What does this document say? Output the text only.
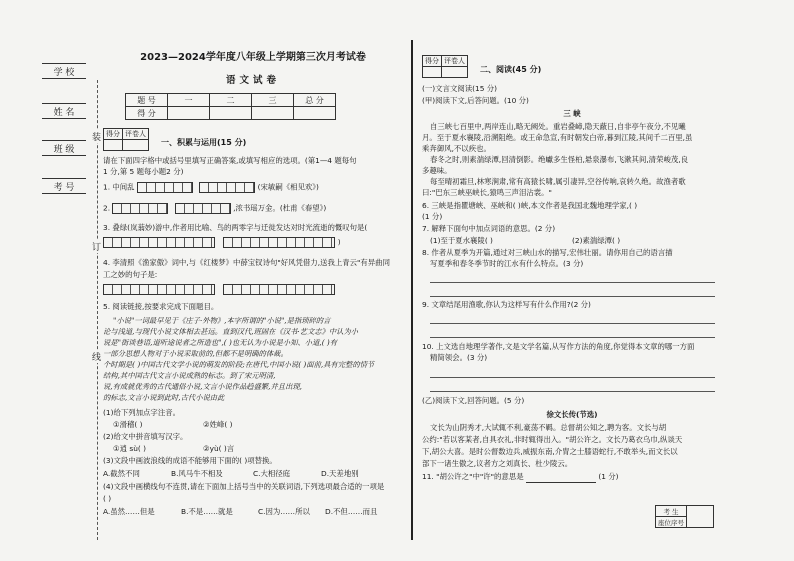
学 校
姓 名
班 级
考 号
装
订
线
2023—2024学年度八年级上学期第三次月考试卷
语文试卷
题 号	一	二	三	总 分
得 分				
得分	评卷人

一、积累与运用(15 分)
请在下面四字格中或括号里填写正确答案,或填写相应的选项。(第1—4 题每句
1 分,第 5 题每小题2 分)
1. 中间乱	(宋敏嗣《相见欢》)
2.	,浓书瑶万金。(杜甫《春望》)
3. 叠绿(岚蓊妙)游中,作者用比喻、鸟的两零字与迁徙发达对时光流逝的慨叹句是(
)
4. 李清照《渔家傲》词中,与《红楼梦》中薛宝钗诗句"好风凭借力,送我上青云"有异曲同
工之妙的句子是:

5. 阅读链接,按要求完成下面题目。
"小说"一词最早见于《庄子·外物》,本字所谓的"小说",是指琐碎的言
论与浅道,与现代小说文体相去甚远。直到汉代,班固在《汉书·艺文志》中认为小
说是"街谈巷语,道听途说者之所造也",( )也无认为小说是小知、小道,( )有
一部分思想人物对于小说采取前的,但都不是明确的体裁。
个时期是( )中国古代文学小说的萌发的阶段;在唐代,中国小说( )面前,具有完整的情节
结构,其中国古代文言小说成熟的标志。到了宋元明清,
说,有成就优秀的古代通俗小说,文言小说作品趋盛繁,并且出现,
的标志,文言小说到此时,古代小说由此
(1)给下列加点字注音。
①滑稽( )	②姓峰( )
(2)给文中拼音填写汉字。
①逍 sù( )	②yù( )言
(3)文段中画波浪线的成语不能够用下面的( )项替换。
A.截然不同	B.风马牛不相及	C.大相径庭	D.天差地别
(4)文段中画横线句不连贯,请在下面加上括号当中的关联词语,下列选项最合适的一项是
( )
A.虽然……但是	B.不是……就是	C.因为……所以 D.不但……而且
得分	评卷人

二、阅读(45 分)
(一)文言文阅读(15 分)
(甲)阅读下文,后答问题。(10 分)
三 峡
自三峡七百里中,两岸连山,略无阙处。重岩叠嶂,隐天蔽日,自非亭午夜分,不见曦
月。至于夏水襄陵,沿溯阻绝。或王命急宣,有时朝发白帝,暮到江陵,其间千二百里,虽
乘奔御风,不以疾也。
春冬之时,则素湍绿潭,回清倒影。绝巘多生怪柏,悬泉瀑布,飞漱其间,清荣峻茂,良
多趣味。
每至晴初霜旦,林寒涧肃,常有高猿长啸,属引凄异,空谷传响,哀转久绝。故渔者歌
曰:"巴东三峡巫峡长,猿鸣三声泪沾裳。"
6. 三峡是指瞿塘峡、巫峡和( )峡,本文作者是我国北魏地理学家,( )
(1 分)
7. 解释下面句中加点词语的意思。(2 分)
(1)至于夏水襄陵( )	(2)素湍绿潭( )
8. 作者从夏季为开篇,通过对三峡山水的描写,宏伟壮丽。请你用自己的语言描
写夏季和春冬季节时的江水有什么特点。(3 分)
9. 文章结尾用渔歌,你认为这样写有什么作用?(2 分)
10. 上文选自地理学著作,文是文学名篇,从写作方法的角度,你觉得本文章的哪一方面
精简领会。(3 分)
(乙)阅读下文,回答问题。(5 分)
徐文长传(节选)
文长为山阴秀才,大试辄不利,豪荡不羁。总督胡公知之,聘为客。文长与胡
公约:"若以客某者,自具衣礼,非时辄得出入。"胡公许之。文长乃葛衣乌巾,纵谈天
下,胡公大喜。是时公督数边兵,威振东南,介胄之士膝语蛇行,不敢举头,而文长以
部下一诸生傲之,议者方之刘真长、杜少陵云。
11. "胡公许之"中"许"的意思是	(1 分)
考 生	
座位序号
